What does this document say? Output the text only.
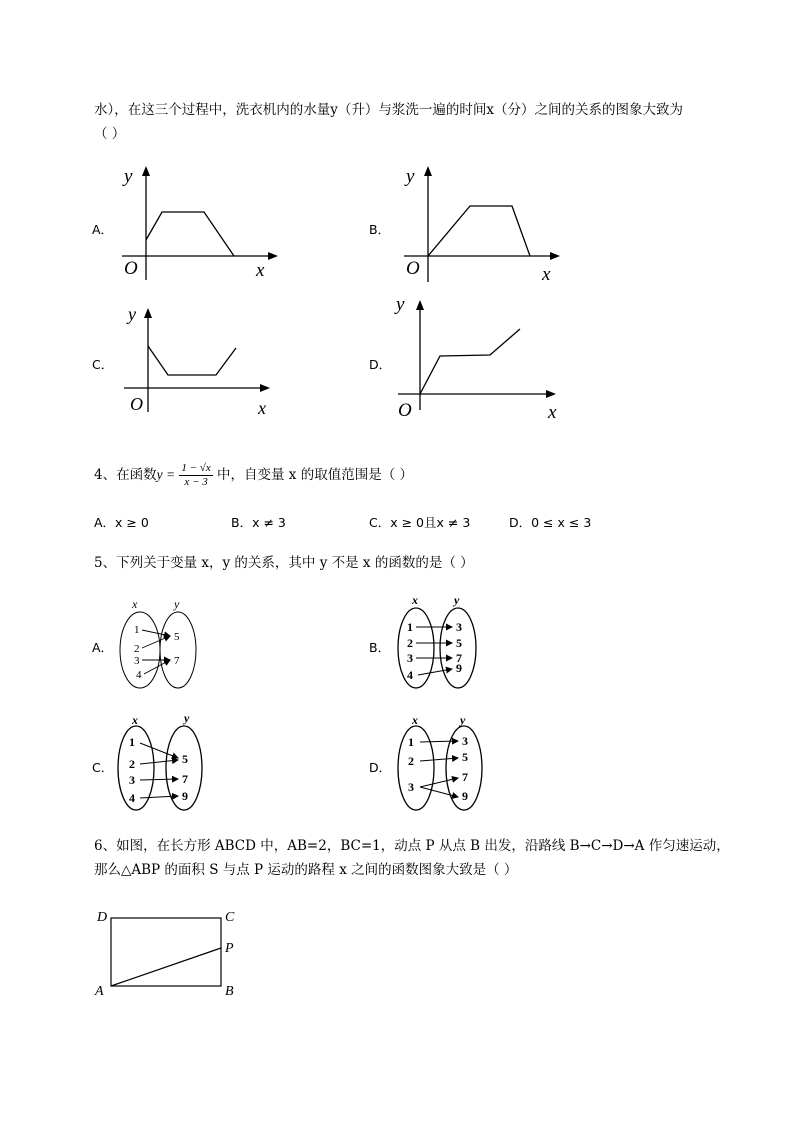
水），在这三个过程中，洗衣机内的水量y（升）与浆洗一遍的时间x（分）之间的关系的图象大致为
（ ）
A．	B．
C．	D．
y
x
O
y
x
O
y
x
O
y
x
O
4、在函数$y = \frac{1 - √x}{x - 3}$ 中，自变量 x 的取值范围是（ ）
A．x ≥ 0	B．x ≠ 3	C．x ≥ 0且x ≠ 3	D．0 ≤ x ≤ 3
5、下列关于变量 x，y 的关系，其中 y 不是 x 的函数的是（ ）
A．	B．
C．	D．
x	y
1
2
3
4
5
7
x	y
1
2
3
4
3
5
7
9
x	y
1
2
3
4
5
7
9
x	y
1
2
3
3
5
7
9
6、如图，在长方形 ABCD 中，AB=2，BC=1，动点 P 从点 B 出发，沿路线 B→C→D→A 作匀速运动，
那么△ABP 的面积 S 与点 P 运动的路程 x 之间的函数图象大致是（ ）
D	C
P
A	B
